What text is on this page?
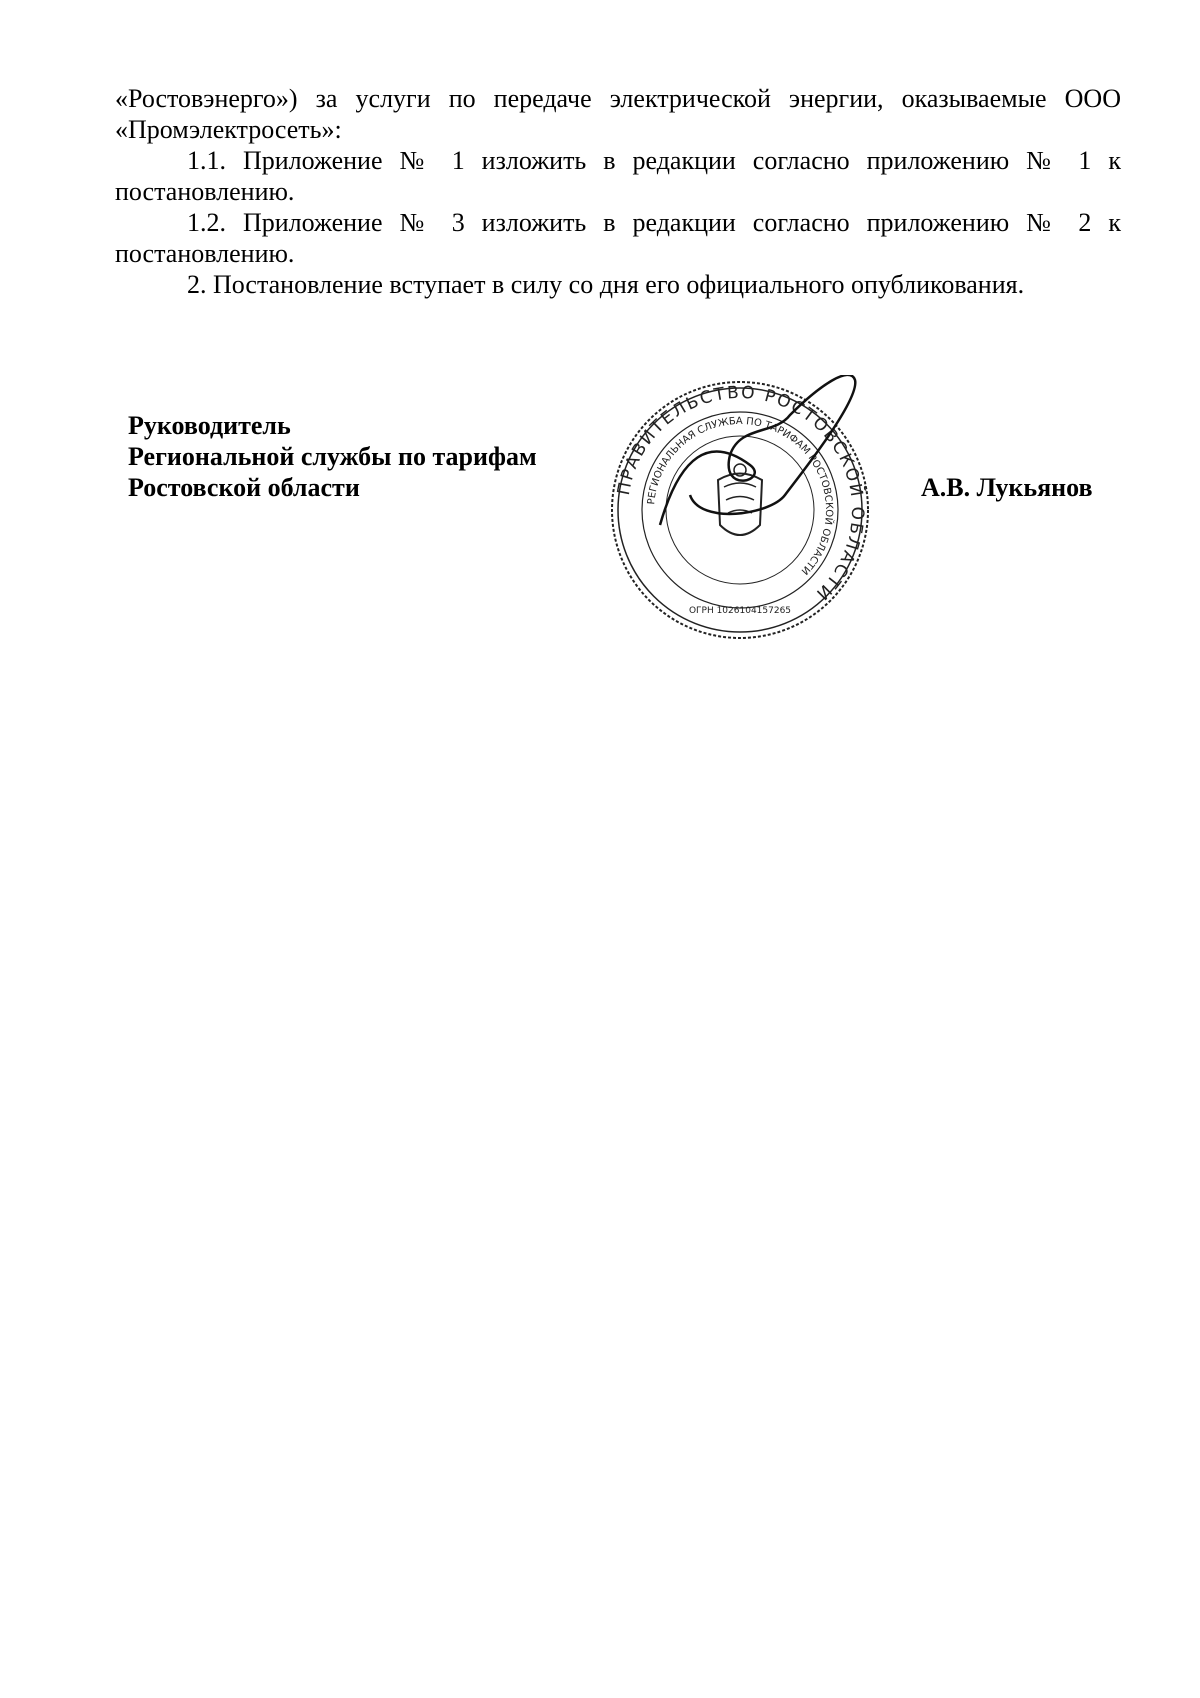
«Ростовэнерго») за услуги по передаче электрической энергии, оказываемые ООО «Промэлектросеть»:

1.1. Приложение № 1 изложить в редакции согласно приложению № 1 к постановлению.

1.2. Приложение № 3 изложить в редакции согласно приложению № 2 к постановлению.

2. Постановление вступает в силу со дня его официального опубликования.

Руководитель
Региональной службы по тарифам
Ростовской области	ПРАВИТЕЛЬСТВО РОСТОВСКОЙ ОБЛАСТИ
РЕГИОНАЛЬНАЯ СЛУЖБА ПО ТАРИФАМ РОСТОВСКОЙ ОБЛАСТИ
ОГРН 1026104157265
А.В. Лукьянов
